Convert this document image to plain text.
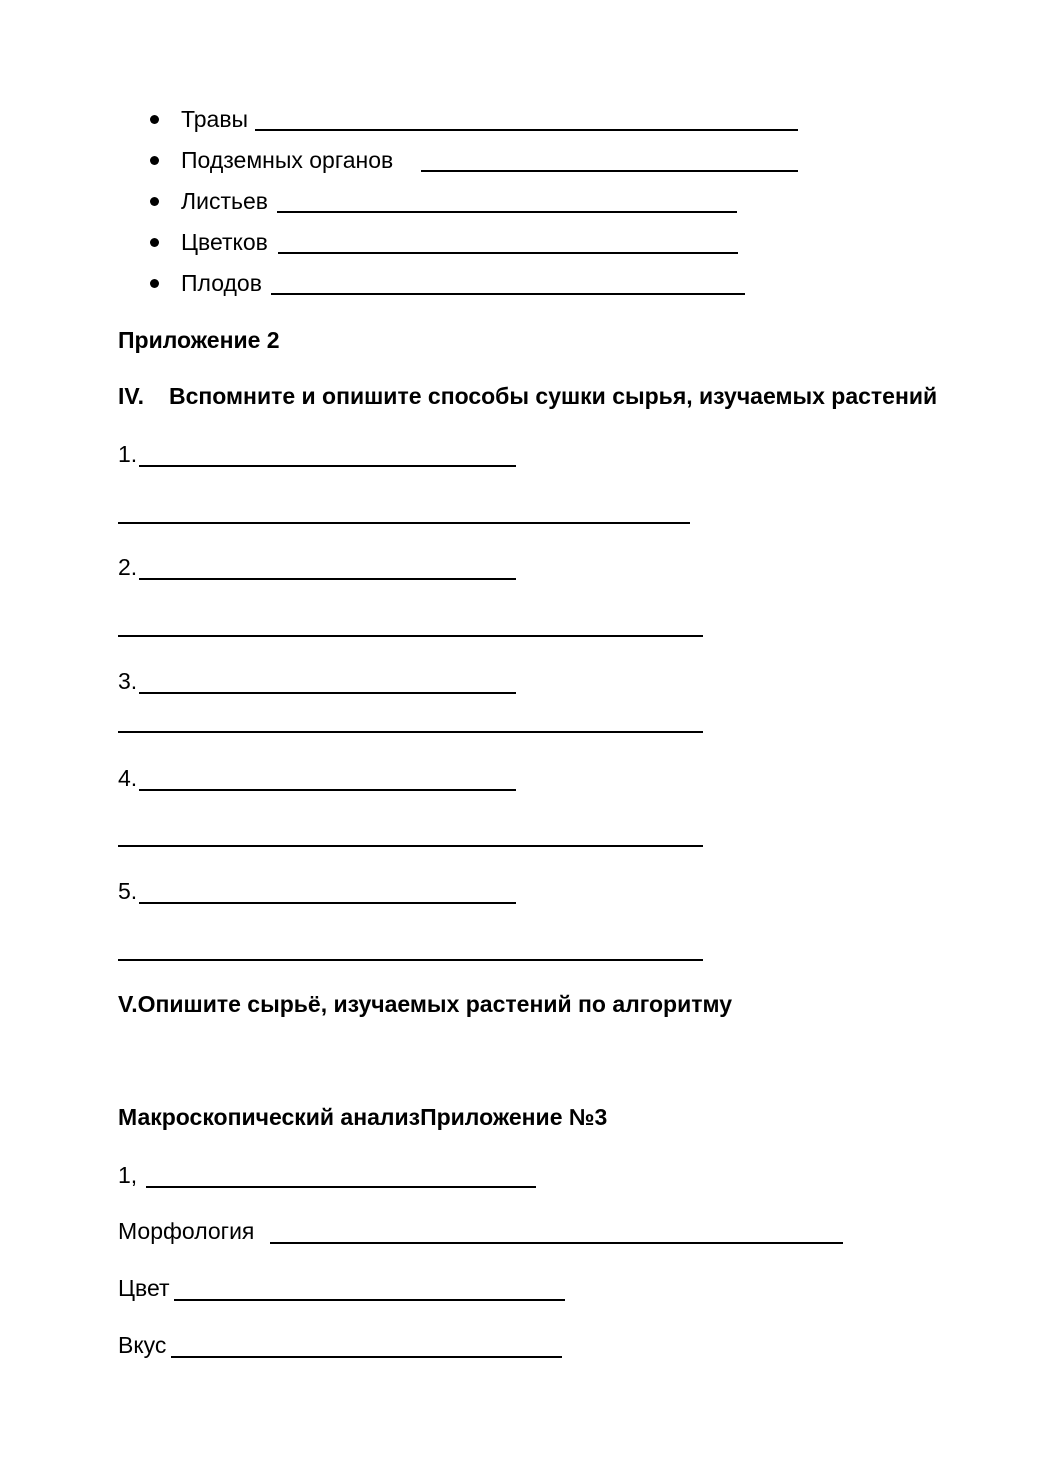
Травы
Подземных органов
Листьев
Цветков
Плодов
Приложение 2
IV. Вспомните и опишите способы сушки сырья, изучаемых растений
1.
2.
3.
4.
5.
V.Опишите сырьё, изучаемых растений по алгоритму
Макроскопический анализПриложение №3
1,
Морфология
Цвет
Вкус
